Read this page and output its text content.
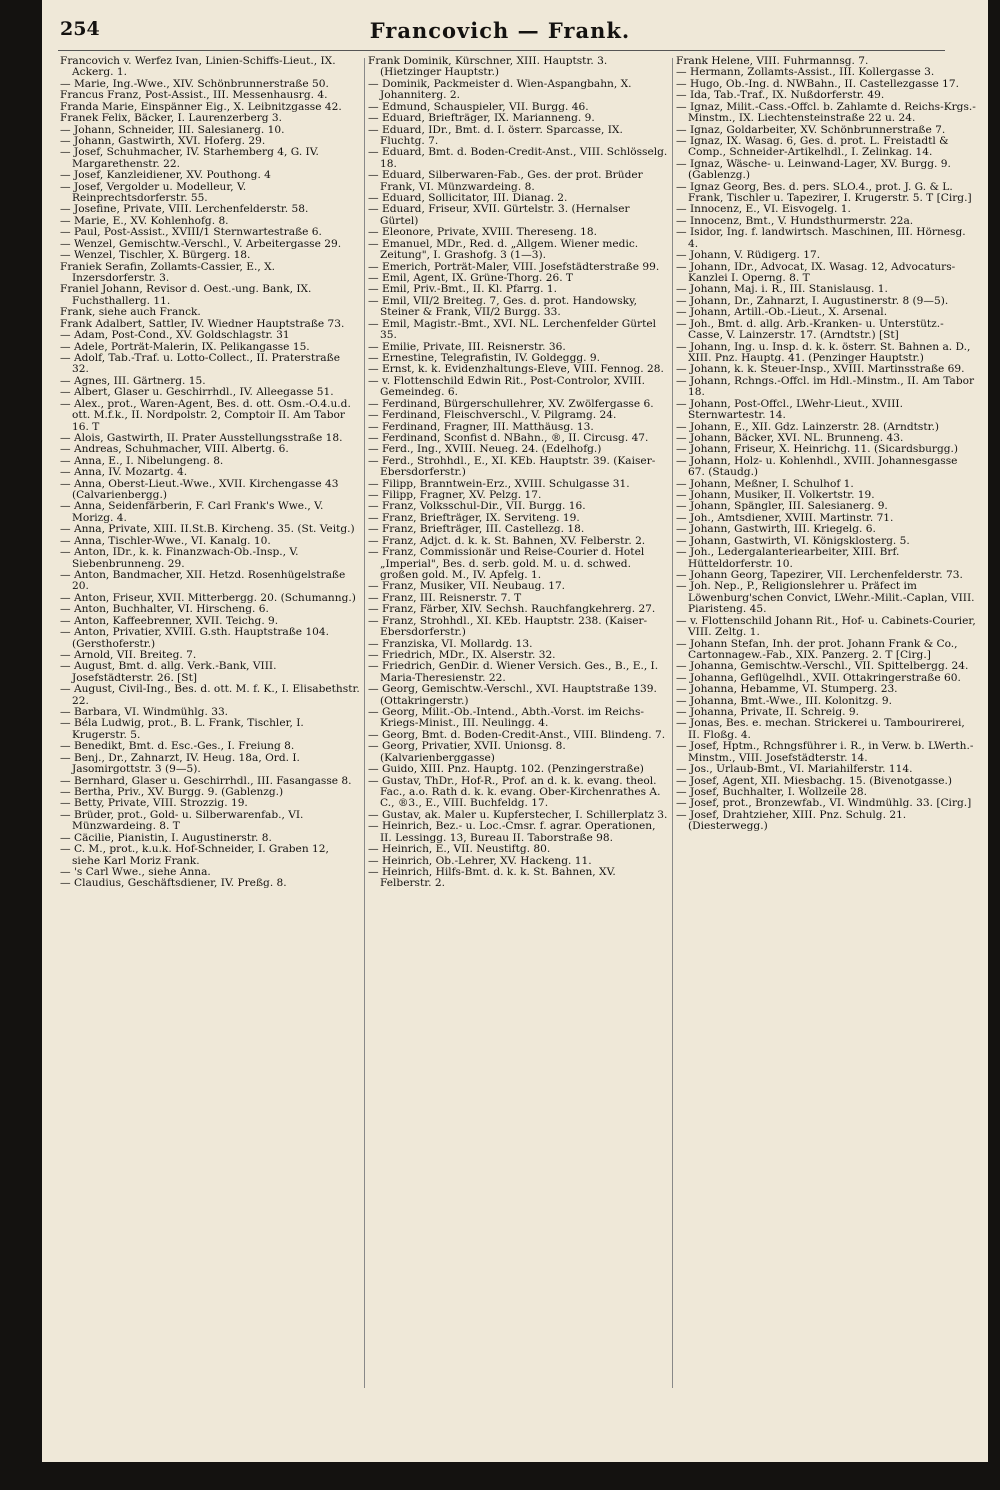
254	Francovich — Frank.

Francovich v. Werfez Ivan, Linien-Schiffs-Lieut., IX. Ackerg. 1.

— Marie, Ing.-Wwe., XIV. Schönbrunnerstraße 50.

Francus Franz, Post-Assist., III. Messenhausrg. 4.

Franda Marie, Einspänner Eig., X. Leibnitzgasse 42.

Franek Felix, Bäcker, I. Laurenzerberg 3.

— Johann, Schneider, III. Salesianerg. 10.

— Johann, Gastwirth, XVI. Hoferg. 29.

— Josef, Schuhmacher, IV. Starhemberg 4, G. IV. Margarethenstr. 22.

— Josef, Kanzleidiener, XV. Pouthong. 4

— Josef, Vergolder u. Modelleur, V. Reinprechtsdorferstr. 55.

— Josefine, Private, VIII. Lerchenfelderstr. 58.

— Marie, E., XV. Kohlenhofg. 8.

— Paul, Post-Assist., XVIII/1 Sternwartestraße 6.

— Wenzel, Gemischtw.-Verschl., V. Arbeitergasse 29.

— Wenzel, Tischler, X. Bürgerg. 18.

Franiek Serafin, Zollamts-Cassier, E., X. Inzersdorferstr. 3.

Franiel Johann, Revisor d. Oest.-ung. Bank, IX. Fuchsthallerg. 11.

Frank, siehe auch Franck.

Frank Adalbert, Sattler, IV. Wiedner Hauptstraße 73.

— Adam, Post-Cond., XV. Goldschlagstr. 31

— Adele, Porträt-Malerin, IX. Pelikangasse 15.

— Adolf, Tab.-Traf. u. Lotto-Collect., II. Praterstraße 32.

— Agnes, III. Gärtnerg. 15.

— Albert, Glaser u. Geschirrhdl., IV. Alleegasse 51.

— Alex., prot., Waren-Agent, Bes. d. ott. Osm.-O.4.u.d. ott. M.f.k., II. Nordpolstr. 2, Comptoir II. Am Tabor 16. T

— Alois, Gastwirth, II. Prater Ausstellungsstraße 18.

— Andreas, Schuhmacher, VIII. Albertg. 6.

— Anna, E., I. Nibelungeng. 8.

— Anna, IV. Mozartg. 4.

— Anna, Oberst-Lieut.-Wwe., XVII. Kirchengasse 43 (Calvarienbergg.)

— Anna, Seidenfärberin, F. Carl Frank's Wwe., V. Morizg. 4.

— Anna, Private, XIII. II.St.B. Kircheng. 35. (St. Veitg.)

— Anna, Tischler-Wwe., VI. Kanalg. 10.

— Anton, IDr., k. k. Finanzwach-Ob.-Insp., V. Siebenbrunneng. 29.

— Anton, Bandmacher, XII. Hetzd. Rosenhügelstraße 20.

— Anton, Friseur, XVII. Mitterbergg. 20. (Schumanng.)

— Anton, Buchhalter, VI. Hirscheng. 6.

— Anton, Kaffeebrenner, XVII. Teichg. 9.

— Anton, Privatier, XVIII. G.sth. Hauptstraße 104. (Gersthoferstr.)

— Arnold, VII. Breiteg. 7.

— August, Bmt. d. allg. Verk.-Bank, VIII. Josefstädterstr. 26. [St]

— August, Civil-Ing., Bes. d. ott. M. f. K., I. Elisabethstr. 22.

— Barbara, VI. Windmühlg. 33.

— Béla Ludwig, prot., B. L. Frank, Tischler, I. Krugerstr. 5.

— Benedikt, Bmt. d. Esc.-Ges., I. Freiung 8.

— Benj., Dr., Zahnarzt, IV. Heug. 18a, Ord. I. Jasomirgottstr. 3 (9—5).

— Bernhard, Glaser u. Geschirrhdl., III. Fasangasse 8.

— Bertha, Priv., XV. Burgg. 9. (Gablenzg.)

— Betty, Private, VIII. Strozzig. 19.

— Brüder, prot., Gold- u. Silberwarenfab., VI. Münzwardeing. 8. T

— Cäcilie, Pianistin, I. Augustinerstr. 8.

— C. M., prot., k.u.k. Hof-Schneider, I. Graben 12, siehe Karl Moriz Frank.

— 's Carl Wwe., siehe Anna.

— Claudius, Geschäftsdiener, IV. Preßg. 8.

Frank Dominik, Kürschner, XIII. Hauptstr. 3. (Hietzinger Hauptstr.)

— Dominik, Packmeister d. Wien-Aspangbahn, X. Johanniterg. 2.

— Edmund, Schauspieler, VII. Burgg. 46.

— Eduard, Briefträger, IX. Marianneng. 9.

— Eduard, IDr., Bmt. d. I. österr. Sparcasse, IX. Fluchtg. 7.

— Eduard, Bmt. d. Boden-Credit-Anst., VIII. Schlösselg. 18.

— Eduard, Silberwaren-Fab., Ges. der prot. Brüder Frank, VI. Münzwardeing. 8.

— Eduard, Sollicitator, III. Dianag. 2.

— Eduard, Friseur, XVII. Gürtelstr. 3. (Hernalser Gürtel)

— Eleonore, Private, XVIII. Thereseng. 18.

— Emanuel, MDr., Red. d. „Allgem. Wiener medic. Zeitung", I. Grashofg. 3 (1—3).

— Emerich, Porträt-Maler, VIII. Josefstädterstraße 99.

— Emil, Agent, IX. Grüne-Thorg. 26. T

— Emil, Priv.-Bmt., II. Kl. Pfarrg. 1.

— Emil, VII/2 Breiteg. 7, Ges. d. prot. Handowsky, Steiner & Frank, VII/2 Burgg. 33.

— Emil, Magistr.-Bmt., XVI. NL. Lerchenfelder Gürtel 35.

— Emilie, Private, III. Reisnerstr. 36.

— Ernestine, Telegrafistin, IV. Goldeggg. 9.

— Ernst, k. k. Evidenzhaltungs-Eleve, VIII. Fennog. 28.

— v. Flottenschild Edwin Rit., Post-Controlor, XVIII. Gemeindeg. 6.

— Ferdinand, Bürgerschullehrer, XV. Zwölfergasse 6.

— Ferdinand, Fleischverschl., V. Pilgramg. 24.

— Ferdinand, Fragner, III. Matthäusg. 13.

— Ferdinand, Sconfist d. NBahn., ®, II. Circusg. 47.

— Ferd., Ing., XVIII. Neueg. 24. (Edelhofg.)

— Ferd., Strohhdl., E., XI. KEb. Hauptstr. 39. (Kaiser-Ebersdorferstr.)

— Filipp, Branntwein-Erz., XVIII. Schulgasse 31.

— Filipp, Fragner, XV. Pelzg. 17.

— Franz, Volksschul-Dir., VII. Burgg. 16.

— Franz, Briefträger, IX. Serviteng. 19.

— Franz, Briefträger, III. Castellezg. 18.

— Franz, Adjct. d. k. k. St. Bahnen, XV. Felberstr. 2.

— Franz, Commissionär und Reise-Courier d. Hotel „Imperial", Bes. d. serb. gold. M. u. d. schwed. großen gold. M., IV. Apfelg. 1.

— Franz, Musiker, VII. Neubaug. 17.

— Franz, III. Reisnerstr. 7. T

— Franz, Färber, XIV. Sechsh. Rauchfangkehrerg. 27.

— Franz, Strohhdl., XI. KEb. Hauptstr. 238. (Kaiser-Ebersdorferstr.)

— Franziska, VI. Mollardg. 13.

— Friedrich, MDr., IX. Alserstr. 32.

— Friedrich, GenDir. d. Wiener Versich. Ges., B., E., I. Maria-Theresienstr. 22.

— Georg, Gemischtw.-Verschl., XVI. Hauptstraße 139. (Ottakringerstr.)

— Georg, Milit.-Ob.-Intend., Abth.-Vorst. im Reichs-Kriegs-Minist., III. Neulingg. 4.

— Georg, Bmt. d. Boden-Credit-Anst., VIII. Blindeng. 7.

— Georg, Privatier, XVII. Unionsg. 8. (Kalvarienberggasse)

— Guido, XIII. Pnz. Hauptg. 102. (Penzingerstraße)

— Gustav, ThDr., Hof-R., Prof. an d. k. k. evang. theol. Fac., a.o. Rath d. k. k. evang. Ober-Kirchenrathes A. C., ®3., E., VIII. Buchfeldg. 17.

— Gustav, ak. Maler u. Kupferstecher, I. Schillerplatz 3.

— Heinrich, Bez.- u. Loc.-Cmsr. f. agrar. Operationen, II. Lessingg. 13, Bureau II. Taborstraße 98.

— Heinrich, E., VII. Neustiftg. 80.

— Heinrich, Ob.-Lehrer, XV. Hackeng. 11.

— Heinrich, Hilfs-Bmt. d. k. k. St. Bahnen, XV. Felberstr. 2.

Frank Helene, VIII. Fuhrmannsg. 7.

— Hermann, Zollamts-Assist., III. Kollergasse 3.

— Hugo, Ob.-Ing. d. NWBahn., II. Castellezgasse 17.

— Ida, Tab.-Traf., IX. Nußdorferstr. 49.

— Ignaz, Milit.-Cass.-Offcl. b. Zahlamte d. Reichs-Krgs.-Minstm., IX. Liechtensteinstraße 22 u. 24.

— Ignaz, Goldarbeiter, XV. Schönbrunnerstraße 7.

— Ignaz, IX. Wasag. 6, Ges. d. prot. L. Freistadtl & Comp., Schneider-Artikelhdl., I. Zelinkag. 14.

— Ignaz, Wäsche- u. Leinwand-Lager, XV. Burgg. 9. (Gablenzg.)

— Ignaz Georg, Bes. d. pers. SLO.4., prot. J. G. & L. Frank, Tischler u. Tapezirer, I. Krugerstr. 5. T [Cirg.]

— Innocenz, E., VI. Eisvogelg. 1.

— Innocenz, Bmt., V. Hundsthurmerstr. 22a.

— Isidor, Ing. f. landwirtsch. Maschinen, III. Hörnesg. 4.

— Johann, V. Rüdigerg. 17.

— Johann, IDr., Advocat, IX. Wasag. 12, Advocaturs-Kanzlei I. Operng. 8. T

— Johann, Maj. i. R., III. Stanislausg. 1.

— Johann, Dr., Zahnarzt, I. Augustinerstr. 8 (9—5).

— Johann, Artill.-Ob.-Lieut., X. Arsenal.

— Joh., Bmt. d. allg. Arb.-Kranken- u. Unterstütz.-Casse, V. Lainzerstr. 17. (Arndtstr.) [St]

— Johann, Ing. u. Insp. d. k. k. österr. St. Bahnen a. D., XIII. Pnz. Hauptg. 41. (Penzinger Hauptstr.)

— Johann, k. k. Steuer-Insp., XVIII. Martinsstraße 69.

— Johann, Rchngs.-Offcl. im Hdl.-Minstm., II. Am Tabor 18.

— Johann, Post-Offcl., LWehr-Lieut., XVIII. Sternwartestr. 14.

— Johann, E., XII. Gdz. Lainzerstr. 28. (Arndtstr.)

— Johann, Bäcker, XVI. NL. Brunneng. 43.

— Johann, Friseur, X. Heinrichg. 11. (Sicardsburgg.)

— Johann, Holz- u. Kohlenhdl., XVIII. Johannesgasse 67. (Staudg.)

— Johann, Meßner, I. Schulhof 1.

— Johann, Musiker, II. Volkertstr. 19.

— Johann, Spängler, III. Salesianerg. 9.

— Joh., Amtsdiener, XVIII. Martinstr. 71.

— Johann, Gastwirth, III. Kriegelg. 6.

— Johann, Gastwirth, VI. Königsklosterg. 5.

— Joh., Ledergalanteriearbeiter, XIII. Brf. Hütteldorferstr. 10.

— Johann Georg, Tapezirer, VII. Lerchenfelderstr. 73.

— Joh. Nep., P., Religionslehrer u. Präfect im Löwenburg'schen Convict, LWehr.-Milit.-Caplan, VIII. Piaristeng. 45.

— v. Flottenschild Johann Rit., Hof- u. Cabinets-Courier, VIII. Zeltg. 1.

— Johann Stefan, Inh. der prot. Johann Frank & Co., Cartonnagew.-Fab., XIX. Panzerg. 2. T [Cirg.]

— Johanna, Gemischtw.-Verschl., VII. Spittelbergg. 24.

— Johanna, Geflügelhdl., XVII. Ottakringerstraße 60.

— Johanna, Hebamme, VI. Stumperg. 23.

— Johanna, Bmt.-Wwe., III. Kolonitzg. 9.

— Johanna, Private, II. Schreig. 9.

— Jonas, Bes. e. mechan. Strickerei u. Tambourirerei, II. Floßg. 4.

— Josef, Hptm., Rchngsführer i. R., in Verw. b. LWerth.-Minstm., VIII. Josefstädterstr. 14.

— Jos., Urlaub-Bmt., VI. Mariahilferstr. 114.

— Josef, Agent, XII. Miesbachg. 15. (Bivenotgasse.)

— Josef, Buchhalter, I. Wollzeile 28.

— Josef, prot., Bronzewfab., VI. Windmühlg. 33. [Cirg.]

— Josef, Drahtzieher, XIII. Pnz. Schulg. 21. (Diesterwegg.)
